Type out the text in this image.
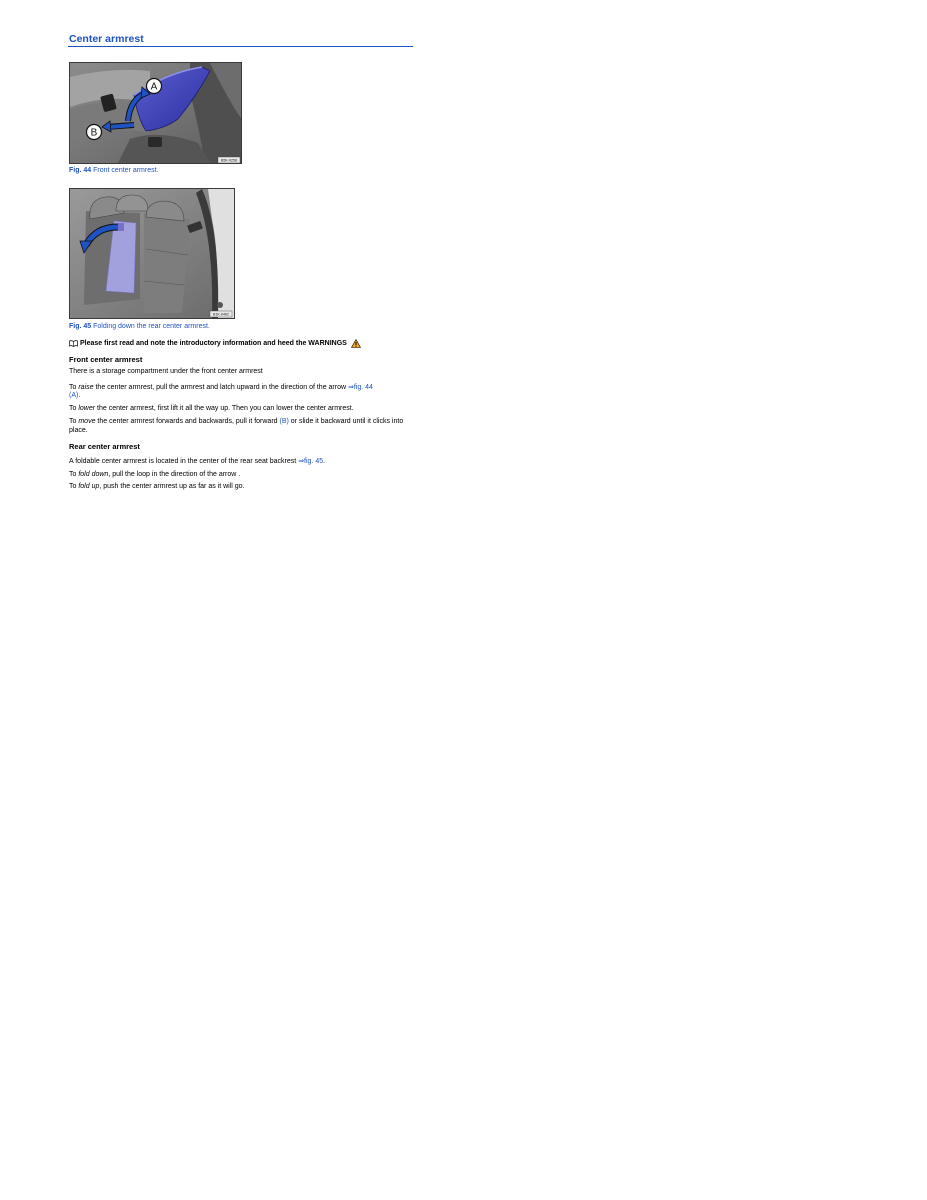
Center armrest
A
B
B5K-0258
Fig. 44 Front center armrest.
B1K-0462
Fig. 45 Folding down the rear center armrest.
Please first read and note the introductory information and heed the WARNINGS
Front center armrest
There is a storage compartment under the front center armrest
To raise the center armrest, pull the armrest and latch upward in the direction of the arrow ⇒fig. 44
(A).
To lower the center armrest, first lift it all the way up. Then you can lower the center armrest.
To move the center armrest forwards and backwards, pull it forward (B) or slide it backward until it clicks into place.
Rear center armrest
A foldable center armrest is located in the center of the rear seat backrest ⇒fig. 45.
To fold down, pull the loop in the direction of the arrow .
To fold up, push the center armrest up as far as it will go.
